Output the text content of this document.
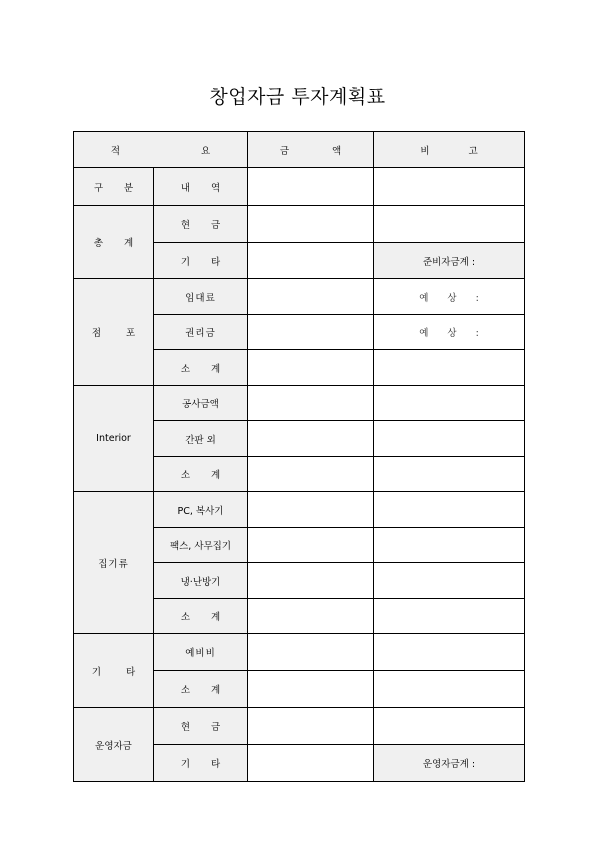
창업자금 투자계획표
적 요		금 액	비 고
구 분	내 역		
총 계	현 금		
	기 타		준비자금계 :
점 포	임대료		예 상 :
	권리금		예 상 :
	소 계		
Interior	공사금액		
	간판 외		
	소 계		
집기류	PC, 복사기		
	팩스, 사무집기		
	냉·난방기		
	소 계		
기 타	예비비		
	소 계		
운영자금	현 금		
	기 타		운영자금계 :
